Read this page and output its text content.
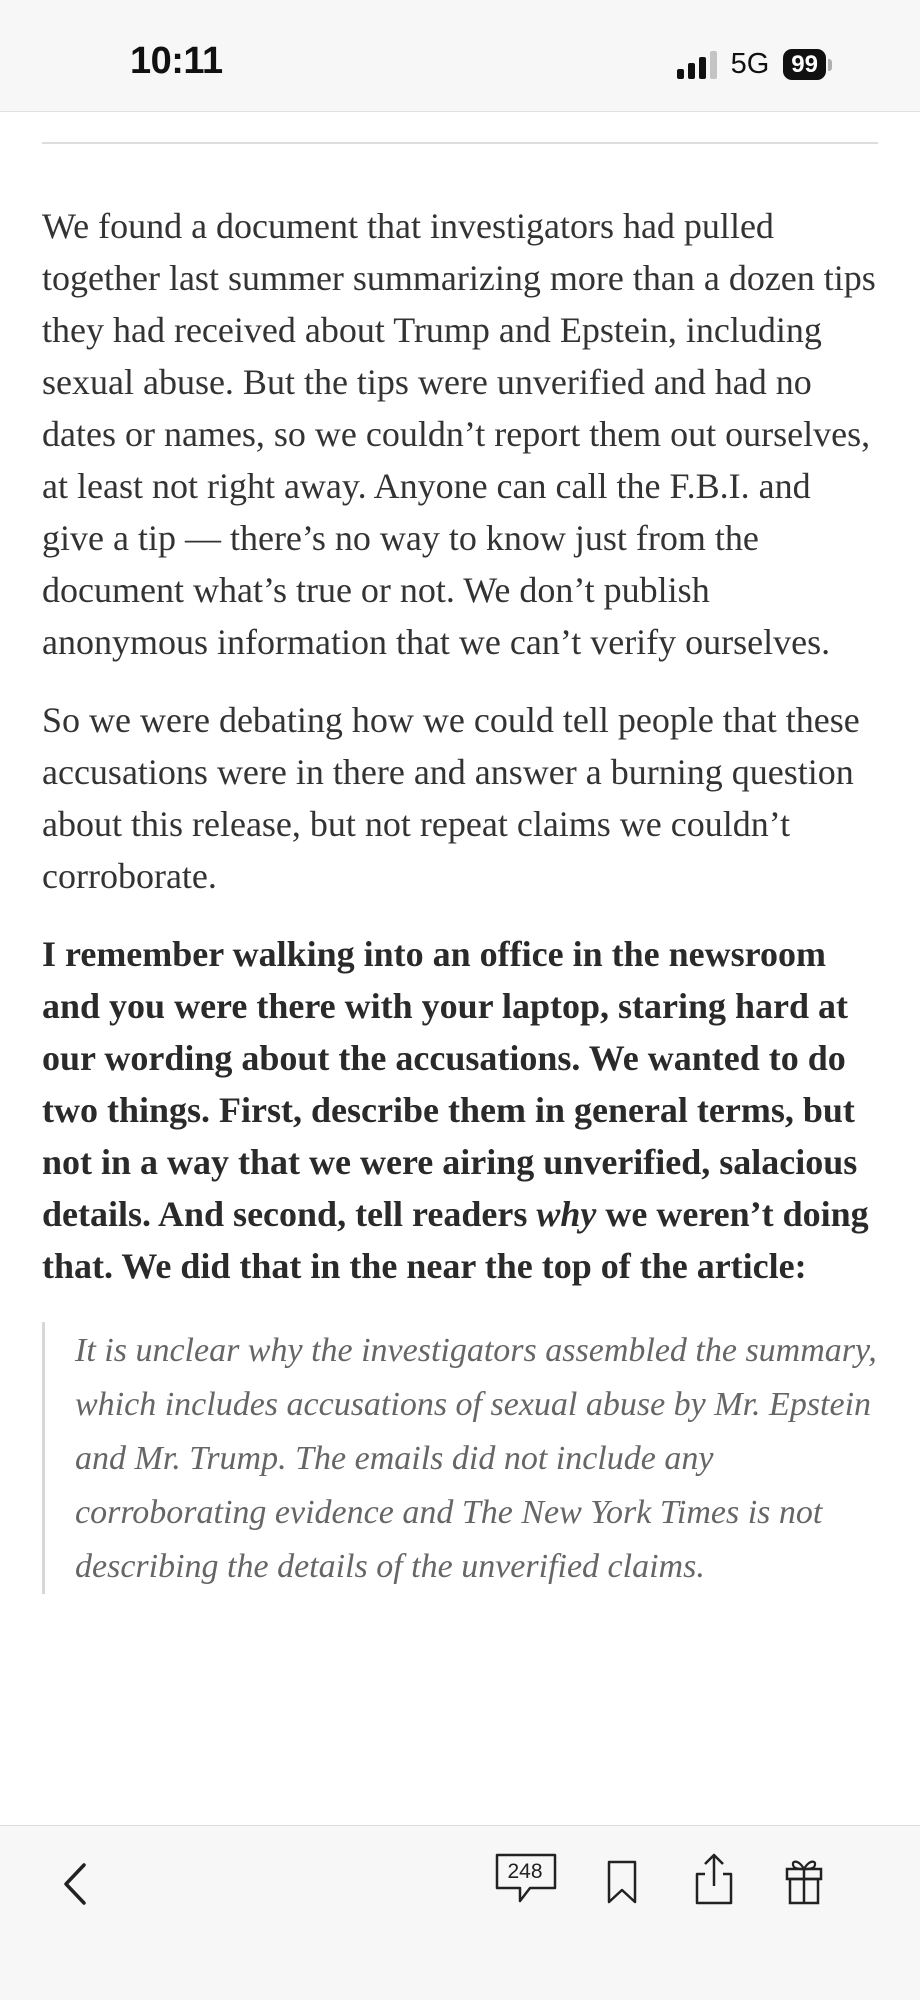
10:11	5G 99

We found a document that investigators had pulled together last summer summarizing more than a dozen tips they had received about Trump and Epstein, including sexual abuse. But the tips were unverified and had no dates or names, so we couldn’t report them out ourselves, at least not right away. Anyone can call the F.B.I. and give a tip — there’s no way to know just from the document what’s true or not. We don’t publish anonymous information that we can’t verify ourselves.

So we were debating how we could tell people that these accusations were in there and answer a burning question about this release, but not repeat claims we couldn’t corroborate.

I remember walking into an office in the newsroom and you were there with your laptop, staring hard at our wording about the accusations. We wanted to do two things. First, describe them in general terms, but not in a way that we were airing unverified, salacious details. And second, tell readers why we weren’t doing that. We did that in the near the top of the article:

It is unclear why the investigators assembled the summary, which includes accusations of sexual abuse by Mr. Epstein and Mr. Trump. The emails did not include any corroborating evidence and The New York Times is not describing the details of the unverified claims.

248
